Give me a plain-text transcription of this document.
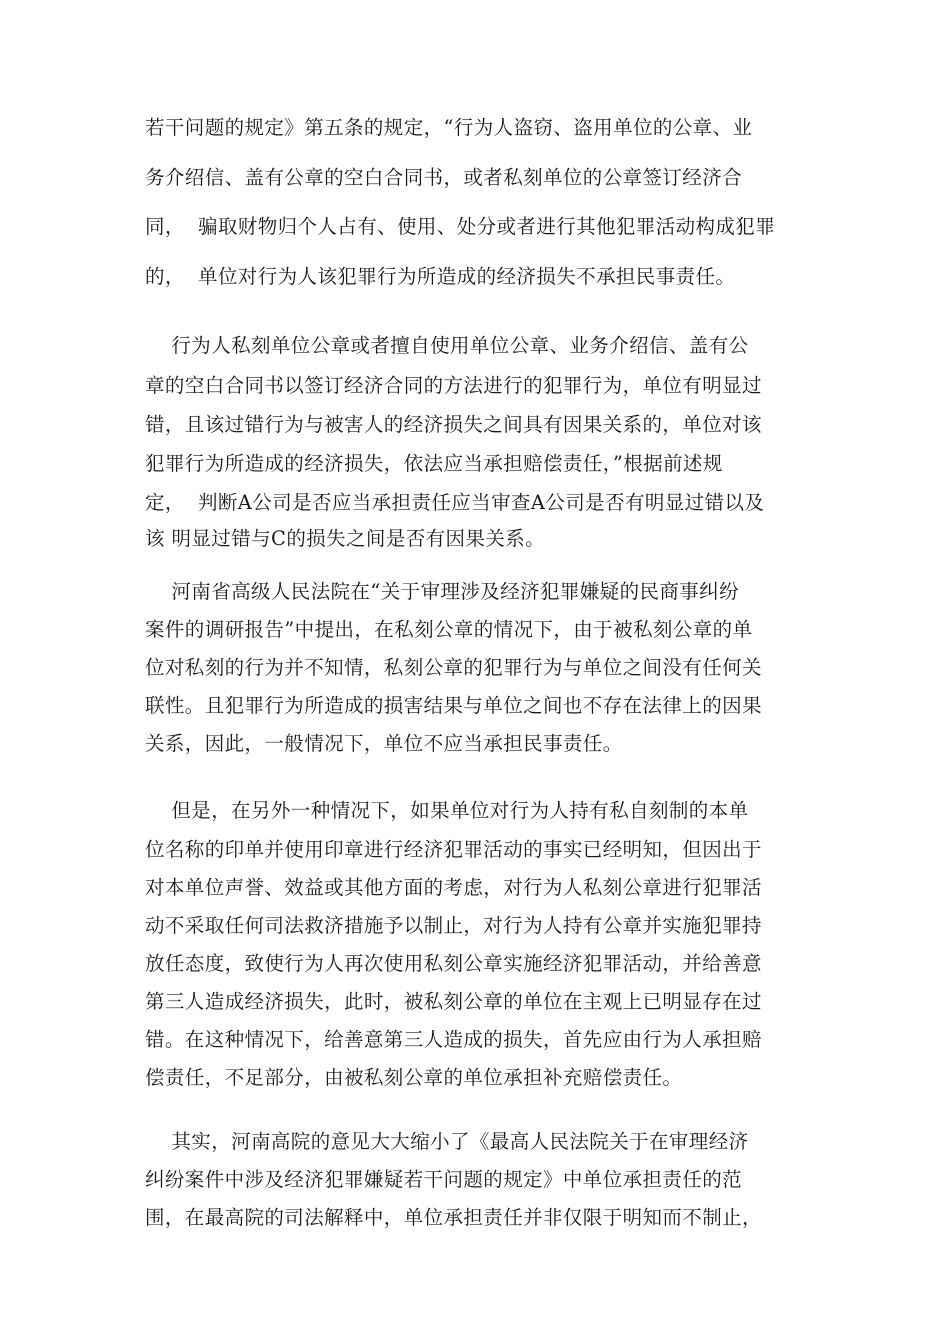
若干问题的规定》第五条的规定，“行为人盗窃、盗用单位的公章、业
务介绍信、盖有公章的空白合同书，或者私刻单位的公章签订经济合
同，  骗取财物归个人占有、使用、处分或者进行其他犯罪活动构成犯罪
的，  单位对行为人该犯罪行为所造成的经济损失不承担民事责任。
行为人私刻单位公章或者擅自使用单位公章、业务介绍信、盖有公
章的空白合同书以签订经济合同的方法进行的犯罪行为，单位有明显过
错，且该过错行为与被害人的经济损失之间具有因果关系的，单位对该
犯罪行为所造成的经济损失，依法应当承担赔偿责任，”根据前述规
定，  判断A公司是否应当承担责任应当审查A公司是否有明显过错以及
该 明显过错与C的损失之间是否有因果关系。
河南省高级人民法院在“关于审理涉及经济犯罪嫌疑的民商事纠纷
案件的调研报告”中提出，在私刻公章的情况下，由于被私刻公章的单
位对私刻的行为并不知情，私刻公章的犯罪行为与单位之间没有任何关
联性。且犯罪行为所造成的损害结果与单位之间也不存在法律上的因果
关系，因此，一般情况下，单位不应当承担民事责任。
但是，在另外一种情况下，如果单位对行为人持有私自刻制的本单
位名称的印单并使用印章进行经济犯罪活动的事实已经明知，但因出于
对本单位声誉、效益或其他方面的考虑，对行为人私刻公章进行犯罪活
动不采取任何司法救济措施予以制止，对行为人持有公章并实施犯罪持
放任态度，致使行为人再次使用私刻公章实施经济犯罪活动，并给善意
第三人造成经济损失，此时，被私刻公章的单位在主观上已明显存在过
错。在这种情况下，给善意第三人造成的损失，首先应由行为人承担赔
偿责任，不足部分，由被私刻公章的单位承担补充赔偿责任。
其实，河南高院的意见大大缩小了《最高人民法院关于在审理经济
纠纷案件中涉及经济犯罪嫌疑若干问题的规定》中单位承担责任的范
围，在最高院的司法解释中，单位承担责任并非仅限于明知而不制止，
